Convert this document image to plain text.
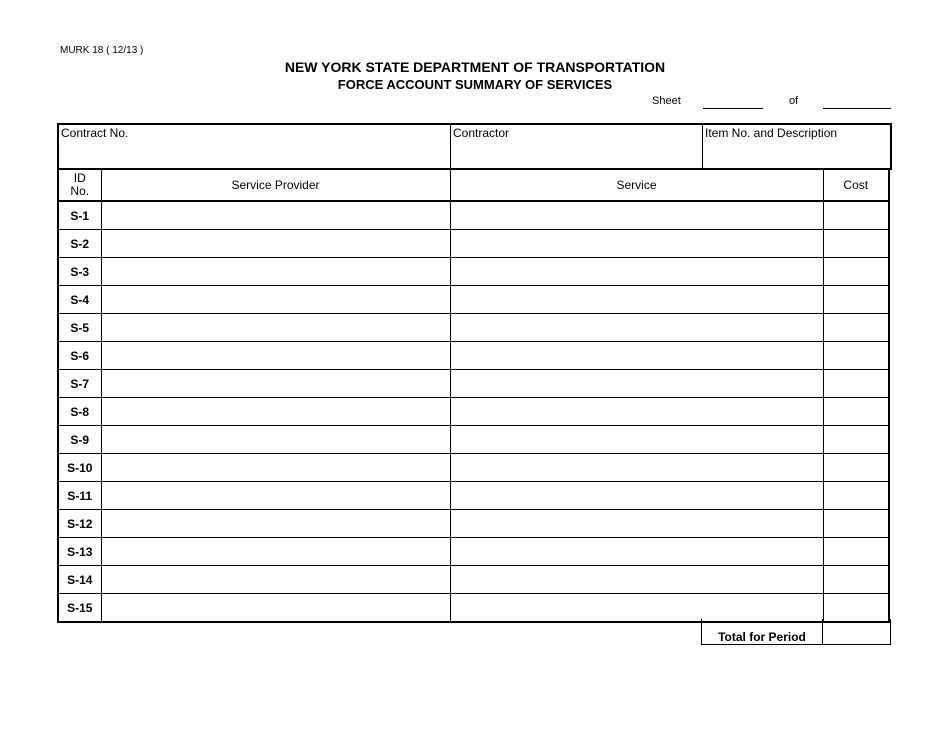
MURK 18 ( 12/13 )
NEW YORK STATE DEPARTMENT OF TRANSPORTATION
FORCE ACCOUNT SUMMARY OF SERVICES
Sheet	of
Contract No.	Contractor	Item No. and Description
ID
No.	Service Provider	Service	Cost
S-1			
S-2			
S-3			
S-4			
S-5			
S-6			
S-7			
S-8			
S-9			
S-10			
S-11			
S-12			
S-13			
S-14			
S-15			
Total for Period
